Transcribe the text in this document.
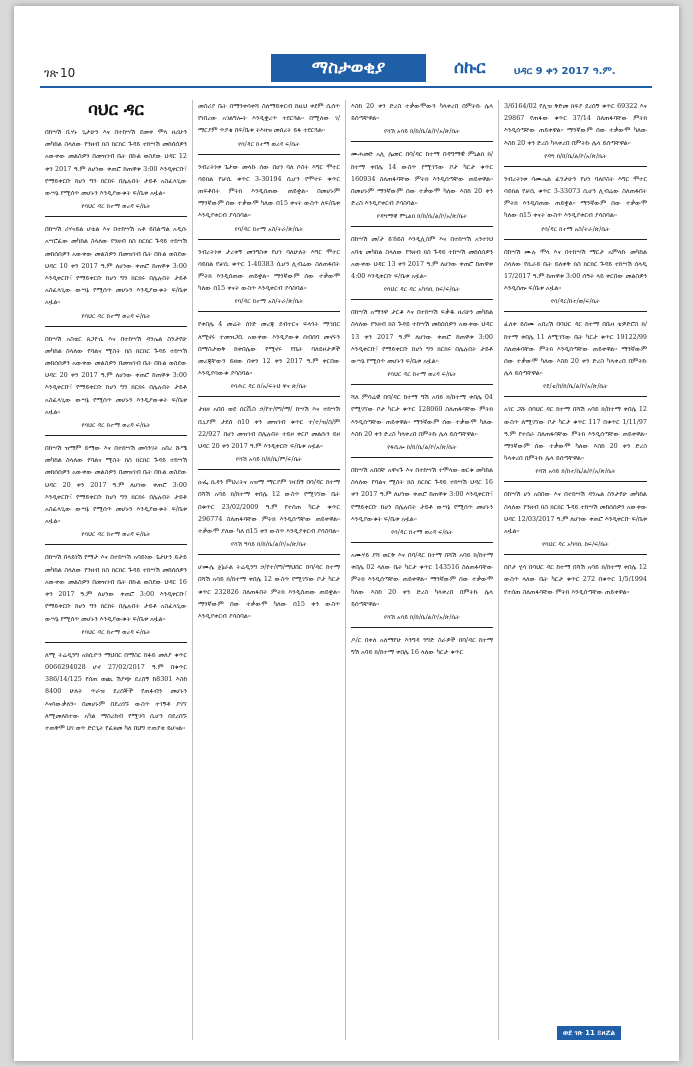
ገጽ 10	ማስታወቂያ	ሰኩር	ህዳር 9 ቀን 2017 ዓ.ም.
ባህር ዳር

በከሣሽ ቢሃኑ ጊታሁን እና በተከሣሽ ደመቀ ሞላ ዘሪሁን መካከል ስላለው የንዘብ ክስ ክርክር ጉዳይ ተከሣሽ መከሰሰዎን አውቀው መልስዎን በመዝገብ ቤት በኩል ወስደው ህዳር 12 ቀን 2017 ዓ.ም ለሆነው ቀጠሮ ከጠዋቱ 3:00 እንዲቀርቡ፣ የማይቀርቡ ከሆነ ግን ክርክሩ በሌሉበት ታይቶ አስፈላጊው ውሣኔ የሚሰጥ መሆኑን እንዲያውቁት ፍ/ቤቱ አዟል።

የባህር ዳር ከተማ ወረዳ ፍ/ቤት

በከሣሽ ሪሃናይል ሆቴል እና በተከሣሽ አቶ ይበልጣል አዲሱ አሣሮፈው መካከል ስላለው የንዘብ ክስ ክርክር ጉዳይ ተከሣሽ መከሰሰዎን አውቀው መልስዎን በመዝገብ ቤት በኩል ወስደው ህዳር 10 ቀን 2017 ዓ.ም ለሆነው ቀጠሮ ከጠዋቱ 3:00 እንዲቀርቡ፣ የማይቀርቡ ከሆነ ግን ክርክሩ በሌሉበት ታይቶ አስፈላጊው ውሣኔ የሚሰጥ መሆኑን እንዲያውቁት ፍ/ቤቱ አዟል።

የባህር ዳር ከተማ ወረዳ ፍ/ቤት

በከሣሽ አስቴር ጸጋዮሴ እና በተከሣሽ ዳንኤል ስንታየሁ መካከል ስላለው የባልና ሚስት ክስ ክርክር ጉዳይ ተከሣሽ መከሰሰዎን አውቀው መልስዎን በመዝገብ ቤት በኩል ወስደው ህዳር 20 ቀን 2017 ዓ.ም ለሆነው ቀጠሮ ከጠዋቱ 3:00 እንዲቀርቡ፣ የማይቀርቡ ከሆነ ግን ክርክሩ በሌሉበት ታይቶ አስፈላጊው ውሣኔ የሚሰጥ መሆኑን እንዲያውቁት ፍ/ቤቱ አዟል።

የባህር ዳር ከተማ ወረዳ ፍ/ቤት

በከሣሽ ዝማም ይማው እና በተከሣሽ መሳንገት አበረ ሹሜ መካከል ስላለው የባልና ሚስት ክስ ክርክር ጉዳይ ተከሣሽ መከሰሰዎን አውቀው መልስዎን በመዝገብ ቤት በኩል ወስደው ህዳር 20 ቀን 2017 ዓ.ም ለሆነው ቀጠሮ 3:00 እንዲቀርቡ፣ የማይቀርቡ ከሆነ ግን ክርክሩ በሌሉበት ታይቶ አስፈላጊው ውሣኔ የሚሰጥ መሆኑን እንዲያውቁት ፍ/ቤቱ አዟል።

የባህር ዳር ከተማ ወረዳ ፍ/ቤት

በከሣሽ በላይነሽ የማታ እና በተከሣሽ አባይነው ጌታሁን ይታይ መካከል ስላለው የንዘብ ክስ ክርክር ጉዳይ ተከሣሽ መከሰሰዎን አውቀው መልስዎን በመዝገብ ቤት በኩል ወስደው ህዳር 16 ቀን 2017 ዓ.ም ለሆነው ቀጠሮ 3:00 እንዲቀርቡ፣ የማይቀርቡ ከሆነ ግን ክርክሩ በሌሉበት ታይቶ አስፈላጊው ውሣኔ የሚሰጥ መሆኑን እንዲያውቁት ፍ/ቤቱ አዟል።

የባህር ዳር ከተማ ወረዳ ፍ/ቤት

ለሚ ትሬዲንግ አክሲዮን ማህበር በማስር ከፋይ መለያ ቁጥር 0066294028 ሆኖ 27/02/2017 ዓ.ም በቁጥር 386/14/125 የሰጠ ወጪ ሽያጭ ደረሰኝ ከ8301 እስከ 8400 ሁለት ጥራዝ ደረሰኞች የጠፋብን መሆኑን እናሳውቃለን፡፡ በመሆኑም በደረሰኙ ውስጥ ተገኝቶ ያገኘ ለሚመለከተው አካል ማስረከብ የሚገባ ሲሆን በደረሰኙ ተጠቅሞ ህገ ወጥ ድርጊት የፈፀመ ካለ በህግ ተጠያቂ ይሆናል።

መስሪያ ቤት በማንቀሳቀሻ ስለማይቀርብ ከዚህ ቀደም ሲሰጥ የነበረው አገልግሎት እንዲቋረጥ ተደርጓል። በሚለው ገ/ማርያም ጥያቄ በፍ/ቤቱ ትእዛዝ መሰረት ይፋ ተደርጓል።

የባ/ዳር ከተማ ወረዳ ፍ/ቤት

ንብረትነቱ ጌታው መላኩ ሰው በሆነ ባለ ሶስት እግር ሞተር ሳይክል የቻሲ ቁጥር 3-30194 ሲሆን የሞተሩ ቁጥር ጠፍቶበት ምትክ እንዲሰጠው ጠይቋል። በመሆኑም ማንኛውም ሰው ተቃውሞ ካለው በ15 ቀናት ውስጥ ለፍ/ቤቱ እንዲያቀርብ ያሳስባል።

የባ/ዳር ከተማ አስ/ትራ/ጽ/ቤት

ንብረትነቱ ታረቀኝ መንግስቱ የሆነ ባለሁለት እግር ሞተር ሳይክል የቻሲ ቁጥር 1-40383 ሲሆን ሊብሬው ስለጠፋበት ምትክ እንዲሰጠው ጠይቋል። ማንኛውም ሰው ተቃውሞ ካለው በ15 ቀናት ውስጥ እንዲቀርብ ያሳስባል።

የባ/ዳር ከተማ አስ/ትራ/ጽ/ቤት

የቀበሌ 4 መሬት ሰነድ መረጃ ደብተርና ፍላጎት ማኅበር ለሚኖሩ ተመዝጋቢ አውቀው እንዲያውቁ ሰብሰባ መኖሩን በማስታወቅ ከቀበሌው የሚኖሩ የቤት ባለይዞታዎች መረጃቸውን ይዘው በቀን 12 ቀን 2017 ዓ.ም ቀርበው እንዲያሳውቁ ያሳስባል።

የባሕር ዳር ከ/አ/ፍትህ ዋና ጽ/ቤት

ታዘዘ አበበ ወደ ሰርቪስ ኃ/የተ/የግ/ማ/ ከሣሽ እና ተከሣሽ ቢኒያም ታደሰ በ10 ቀን መዝገብ ቁጥር ተ/ተ/ዝ/ስ/ም 22/927 በሆነ መዝገብ በሌሉበት ተይዞ ቀርቦ መልሱን ይዞ ህዳር 20 ቀን 2017 ዓ.ም እንዲቀርቡ ፍ/ቤቱ አዟል።

የሻሽ አባይ ክ/ከ/ቤ/ም/ፍ/ቤት

ዑፌ ኪዳን ምህረትና አዝማ ማርያም ገዛኸኝ በባ/ዳር ከተማ በሻሽ አባይ ክ/ከተማ ቀበሌ 12 ውስጥ የሚገኘው ቤት በቁጥር 23/02/2009 ዓ.ም የተሰጠ ካርታ ቁጥር 296774 ስለጠፋባቸው ምትክ እንዲሰጣቸው ጠይቀዋል። ተቃውሞ ያለው ካለ በ15 ቀን ውስጥ እንዲያቀርብ ያሳስባል።

የሻሽ ዓባይ ክ/ከ/ቤ/ል/ኮ/አ/ጽ/ቤት

ሆሙሌ ጀኔራል ትሬዲንግ ኃ/የተ/የግ/ማህበር በባ/ዳር ከተማ በሻሽ አባይ ክ/ከተማ ቀበሌ 12 ውስጥ የሚገኘው ቦታ ካርታ ቁጥር 232826 ስለጠፋበት ምትክ እንዲሰጠው ጠይቋል። ማንኛውም ሰው ተቃውሞ ካለው በ15 ቀን ውስጥ እንዲያቀርብ ያሳስባል።

እስከ 20 ቀን ድረስ ተቃውሞውን ካላቀረበ በምትኩ ሌላ ይሰጣቸዋል፡፡

የሻሽ አባይ ክ/ከ/ቤ/ል/ኮ/አ/ጽ/ቤት

ሙሐመድ አሊ ሌመር በባ/ዳር ከተማ በዳግማዊ ምኒልክ ክ/ከተማ ቀበሌ 14 ውስጥ የሚገኘው ቦታ ካርታ ቁጥር 160934 ስለጠፋባቸው ምትክ እንዲሰጣቸው ጠይቀዋል። በመሆኑም ማንኛውም ሰው ተቃውሞ ካለው እስከ 20 ቀን ድረስ እንዲያቀርብ ያሳስባል።

የዳግማዊ ምኒልክ ክ/ከ/ቤ/ል/ኮ/አ/ጽ/ቤት

በከሣሽ መ/ታ ይኸይስ እንዲሊስም እና በተከሣሽ አንተነህ አባቴ መካከል ስላለው የንዘብ ክስ ጉዳይ ተከሣሽ መከሰሰዎን አውቀው ህዳር 13 ቀን 2017 ዓ.ም ለሆነው ቀጠሮ ከጠዋቱ 4:00 እንዲቀርቡ ፍ/ቤቱ አዟል።

የባህር ዳር ዳር አካባቢ ከፍ/ፍ/ቤት

በከሣሽ አማንዋ ታርቆ እና በተከሣሽ ፍቃዱ ዘሪሁን መካከል ስላለው የንዘብ ክስ ጉዳይ ተከሣሽ መከሰሰዎን አውቀው ህዳር 13 ቀን 2017 ዓ.ም ለሆነው ቀጠሮ ከጠዋቱ 3:00 እንዲቀርቡ፣ የማይቀርቡ ከሆነ ግን ክርክሩ በሌሉበት ታይቶ ውሣኔ የሚሰጥ መሆኑን ፍ/ቤቱ አዟል።

የባህር ዳር ከተማ ወረዳ ፍ/ቤት

ሻለ ምሳሬዊ በባ/ዳር ከተማ ግሽ አባይ ክ/ከተማ ቀበሌ 04 የሚገኘው ቦታ ካርታ ቁጥር 128060 ስለጠፋባቸው ምትክ እንዲሰጣቸው ጠይቀዋል። ማንኛውም ሰው ተቃውሞ ካለው እስከ 20 ቀን ድረስ ካላቀረበ በምትኩ ሌላ ይሰጣቸዋል፡፡

የፋሲሎ ክ/ከ/ቤ/ል/ኮ/አ/ጽ/ቤት

በከሣሽ አበበቸ አዋናጉ እና በተከሣሽ ተሞላው ወርቁ መካከል ስላለው የባልና ሚስት ክስ ክርክር ጉዳይ ተከሣሽ ህዳር 16 ቀን 2017 ዓ.ም ለሆነው ቀጠሮ ከጠዋቱ 3:00 እንዲቀርቡ፣ የማይቀርቡ ከሆነ በሌሉበት ታይቶ ውሣኔ የሚሰጥ መሆኑን እንዲያውቁት ፍ/ቤቱ አዟል።

የባ/ዳር ከተማ ወረዳ ፍ/ቤት

አሙሃይ ያሻ ወርቅ እና በባ/ዳር ከተማ በሻሽ አባይ ክ/ከተማ ቀበሌ 02 ላለው ቤት ካርታ ቁጥር 143516 ስለጠፋባቸው ምትክ እንዲሰጣቸው ጠይቀዋል። ማንኛውም ሰው ተቃውሞ ካለው እስከ 20 ቀን ድረስ ካላቀረበ በምትኩ ሌላ ይሰጣቸዋል፡፡

የሻሽ አባይ ክ/ከ/ቤ/ል/ኮ/አ/ጽ/ቤት

ዶ/ር በቀለ አለማየሁ እንግዳ ንግድ ስራዎች በባ/ዳር ከተማ ግሽ አባይ ክ/ከተማ ቀበሌ 16 ላለው ካርታ ቁጥር

3/6164/02 የሊዝ ቅድመ ክፍያ ደረሰኝ ቁጥር 69322 እና 29867 የጠፋው ቁጥር 37/14 ስለጠፋባቸው ምትክ እንዲሰጣቸው ጠይቀዋል። ማንኛውም ሰው ተቃውሞ ካለው እስከ 20 ቀን ድረስ ካላቀረበ በምትኩ ሌላ ይሰጣቸዋል፡፡

የዳግ ክ/ከ/ቤ/ል/ኮ/አ/ጽ/ቤት

ንብረትነቱ ሳሙኤል ፈንታሁን የሆነ ባለሶስት እግር ሞተር ሳይክል የቻሲ ቁጥር 3-33073 ሲሆን ሊብሬው ስለጠፋበት ምትክ እንዲሰጠው ጠይቋል። ማንኛውም ሰው ተቃውሞ ካለው በ15 ቀናት ውስጥ እንዲያቀርብ ያሳስባል።

የባ/ዳር ከተማ አስ/ትራ/ጽ/ቤት

በከሣሽ ሙሉ ሞላ እና በተከሣሽ ማርታ አምላኩ መካከል ስላለው የኪራይ ቤት ይለቀቅ ክስ ክርክር ጉዳይ ተከሣሽ ሰላዲ 17/2017 ዓ.ም ከጠዋቱ 3:00 ሰዓት ላይ ቀርበው መልስዎን እንዲሰጡ ፍ/ቤቱ አዟል።

የባ/ዳር/ከተ/ወ/ፍ/ቤት

ፈለቀ ይሰሙ አበረሽ በባህር ዳር ከተማ በቤዛ ቴዎድሮስ ክ/ከተማ ቀበሌ 11 ለሚገኘው ቤት ካርታ ቁጥር 19122/99 ስለጠፋባቸው ምትክ እንዲሰጣቸው ጠይቀዋል። ማንኛውም ሰው ተቃውሞ ካለው እስከ 20 ቀን ድረስ ካላቀረበ በምትኩ ሌላ ይሰጣቸዋል፡፡

የደ/ቴ/ክ/ከ/ቤ/ል/ኮ/አ/ጽ/ቤት

አገር ጋሹ በባህር ዳር ከተማ በሻሽ አባይ ክ/ከተማ ቀበሌ 12 ውስጥ ለሚገኘው ቦታ ካርታ ቁጥር 117 በቁጥር 1/11/97 ዓ.ም የተሰራ ስለጠፋባቸው ምትክ እንዲሰጣቸው ጠይቀዋል። ማንኛውም ሰው ተቃውሞ ካለው እስከ 20 ቀን ድረስ ካላቀረበ በምትኩ ሌላ ይሰጣቸዋል፡፡

የሻሽ አባይ ክ/ከተ/ቤ/ል/ኮ/አ/ጽ/ቤት

በከሣሽ ሆነ አበበው እና በተከሣሽ ዳንኤል ስንታየሁ መካከል ስላለው የንዘብ ክስ ክርክር ጉዳይ ተከሣሽ መከሰሰዎን አውቀው ህዳር 12/03/2017 ዓ.ም ለሆነው ቀጠሮ እንዲቀርቡ ፍ/ቤቱ አዟል።

የባህር ዳር አካባቢ ከፍ/ፍ/ቤት

በቦታ ሂሳ በባህር ዳር ከተማ በሻሽ አባይ ክ/ከተማ ቀበሌ 12 ውስጥ ላለው ቤት ካርታ ቁጥር 272 በቁጥር 1/5/1994 የተሰጠ ስለጠፋባቸው ምትክ እንዲሰጣቸው ጠይቀዋል።

ወደ ገጽ 11 ይዞሯል
